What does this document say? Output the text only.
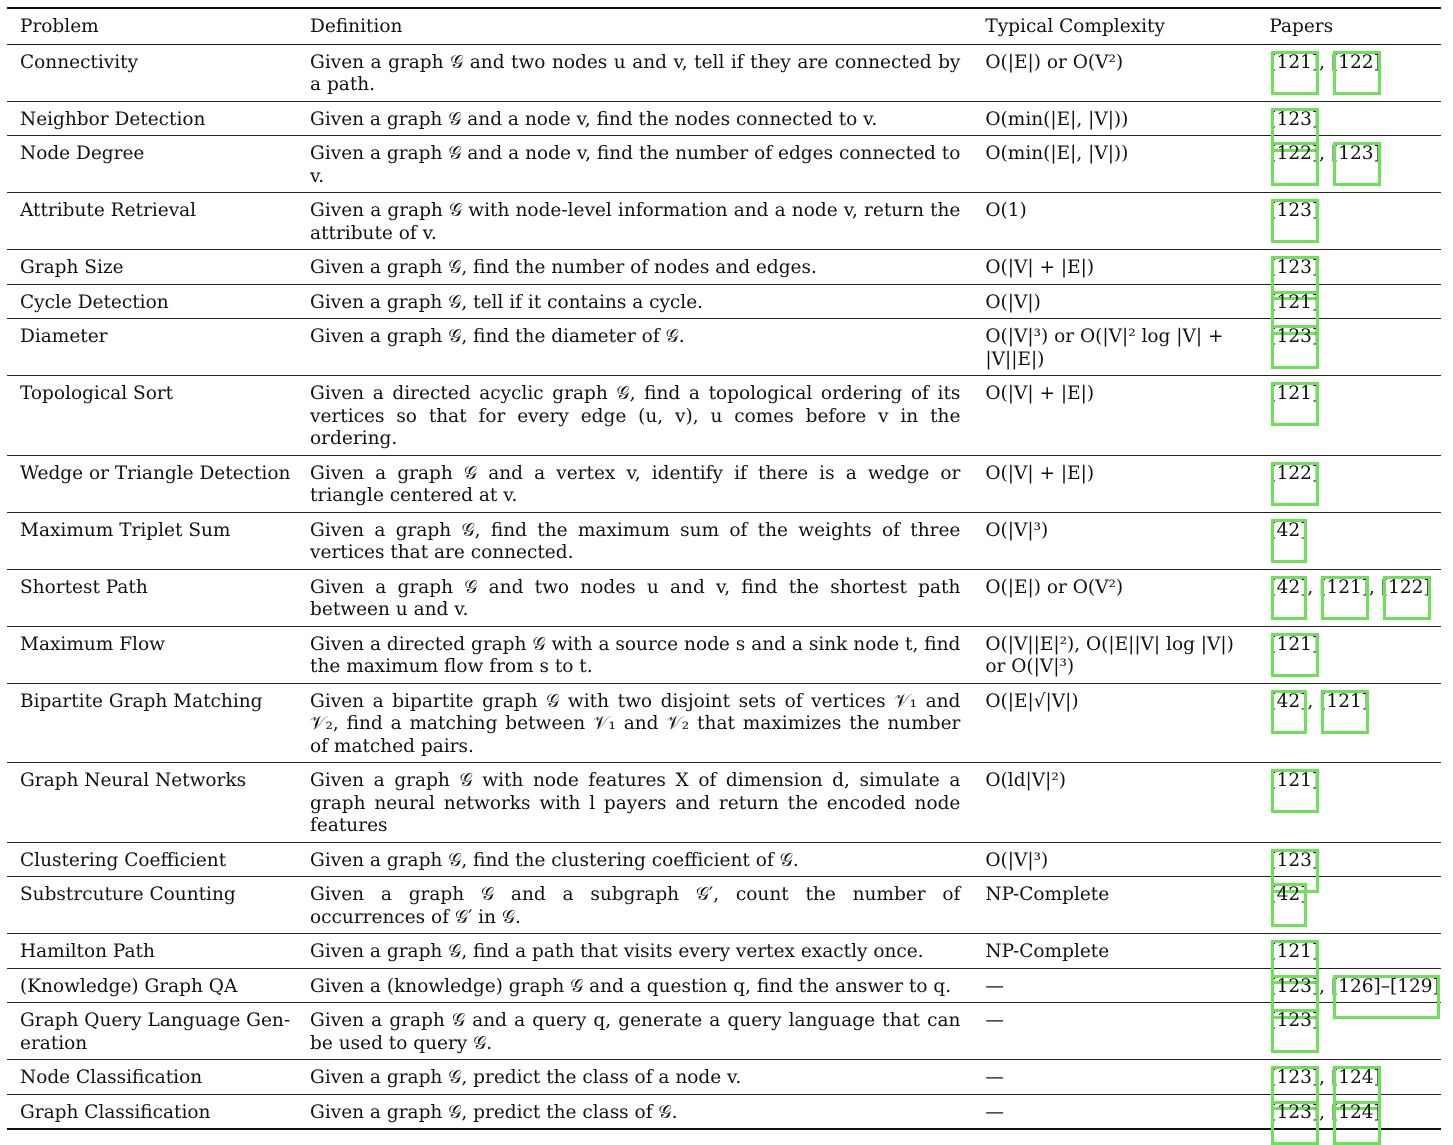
Problem	Definition	Typical Complexity	Papers

Connectivity	Given a graph 𝒢 and two nodes u and v, tell if they are connected by a path.	O(|E|) or O(V²)	[121]
, [122]

Neighbor Detection	Given a graph 𝒢 and a node v, find the nodes connected to v.	O(min(|E|, |V|))	[123]

Node Degree	Given a graph 𝒢 and a node v, find the number of edges connected to v.	O(min(|E|, |V|))	[122]
, [123]

Attribute Retrieval	Given a graph 𝒢 with node-level information and a node v, return the attribute of v.	O(1)	[123]

Graph Size	Given a graph 𝒢, find the number of nodes and edges.	O(|V| + |E|)	[123]

Cycle Detection	Given a graph 𝒢, tell if it contains a cycle.	O(|V|)	[121]

Diameter	Given a graph 𝒢, find the diameter of 𝒢.	O(|V|³) or O(|V|² log |V| + |V||E|)	[123]

Topological Sort	Given a directed acyclic graph 𝒢, find a topological ordering of its vertices so that for every edge (u, v), u comes before v in the ordering.	O(|V| + |E|)	[121]

Wedge or Triangle Detection	Given a graph 𝒢 and a vertex v, identify if there is a wedge or triangle centered at v.	O(|V| + |E|)	[122]

Maximum Triplet Sum	Given a graph 𝒢, find the maximum sum of the weights of three vertices that are connected.	O(|V|³)	[42]

Shortest Path	Given a graph 𝒢 and two nodes u and v, find the shortest path between u and v.	O(|E|) or O(V²)	[42]
, [121]
, [122]

Maximum Flow	Given a directed graph 𝒢 with a source node s and a sink node t, find the maximum flow from s to t.	O(|V||E|²), O(|E||V| log |V|) or O(|V|³)	[121]

Bipartite Graph Matching	Given a bipartite graph 𝒢 with two disjoint sets of vertices 𝒱₁ and 𝒱₂, find a matching between 𝒱₁ and 𝒱₂ that maximizes the number of matched pairs.	O(|E|√|V|)	[42]
, [121]

Graph Neural Networks	Given a graph 𝒢 with node features X of dimension d, simulate a graph neural networks with l payers and return the encoded node features	O(ld|V|²)	[121]

Clustering Coefficient	Given a graph 𝒢, find the clustering coefficient of 𝒢.	O(|V|³)	[123]

Substrcuture Counting	Given a graph 𝒢 and a subgraph 𝒢′, count the number of occurrences of 𝒢′ in 𝒢.	NP-Complete	[42]

Hamilton Path	Given a graph 𝒢, find a path that visits every vertex exactly once.	NP-Complete	[121]

(Knowledge) Graph QA	Given a (knowledge) graph 𝒢 and a question q, find the answer to q.	—	[123]
, [126]–[129]

Graph Query Language Gen-eration	Given a graph 𝒢 and a query q, generate a query language that can be used to query 𝒢.	—	[123]

Node Classification	Given a graph 𝒢, predict the class of a node v.	—	[123]
, [124]

Graph Classification	Given a graph 𝒢, predict the class of 𝒢.	—	[123]
, [124]
